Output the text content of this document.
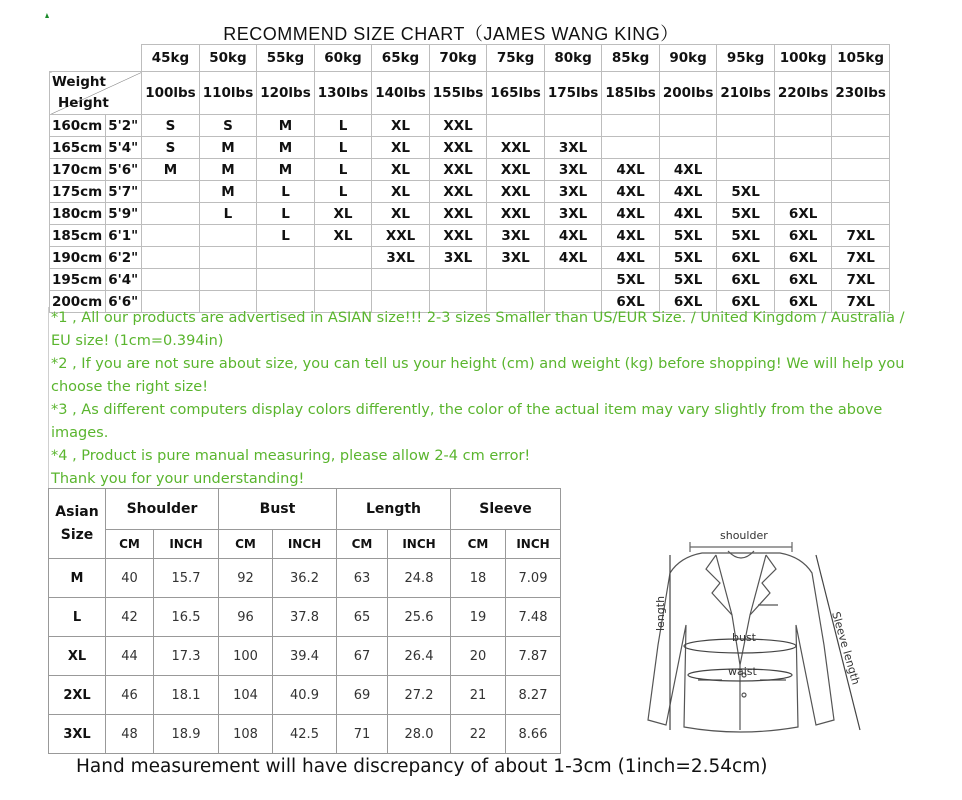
RECOMMEND SIZE CHART（JAMES WANG KING）
		45kg	50kg	55kg	60kg	65kg	70kg	75kg	80kg	85kg	90kg	95kg	100kg	105kg

Weight
Height		100lbs	110lbs	120lbs	130lbs	140lbs	155lbs	165lbs	175lbs	185lbs	200lbs	210lbs	220lbs	230lbs
160cm	5'2"	S	S	M	L	XL	XXL							
165cm	5'4"	S	M	M	L	XL	XXL	XXL	3XL					
170cm	5'6"	M	M	M	L	XL	XXL	XXL	3XL	4XL	4XL			
175cm	5'7"		M	L	L	XL	XXL	XXL	3XL	4XL	4XL	5XL		
180cm	5'9"		L	L	XL	XL	XXL	XXL	3XL	4XL	4XL	5XL	6XL	
185cm	6'1"			L	XL	XXL	XXL	3XL	4XL	4XL	5XL	5XL	6XL	7XL
190cm	6'2"					3XL	3XL	3XL	4XL	4XL	5XL	6XL	6XL	7XL
195cm	6'4"									5XL	5XL	6XL	6XL	7XL
200cm	6'6"									6XL	6XL	6XL	6XL	7XL

*1 , All our products are advertised in ASIAN size!!! 2-3 sizes Smaller than US/EUR Size. / United Kingdom / Australia / EU size! (1cm=0.394in)

*2 , If you are not sure about size, you can tell us your height (cm) and weight (kg) before shopping! We will help you choose the right size!

*3 , As different computers display colors differently, the color of the actual item may vary slightly from the above images.

*4 , Product is pure manual measuring, please allow 2-4 cm error!

Thank you for your understanding!

Asian
Size	Shoulder		Bust		Length		Sleeve	
	CM	INCH	CM	INCH	CM	INCH	CM	INCH
M	40	15.7	92	36.2	63	24.8	18	7.09
L	42	16.5	96	37.8	65	25.6	19	7.48
XL	44	17.3	100	39.4	67	26.4	20	7.87
2XL	46	18.1	104	40.9	69	27.2	21	8.27
3XL	48	18.9	108	42.5	71	28.0	22	8.66
shoulder
length
bust
waist	Sleeve length
Hand measurement will have discrepancy of about 1-3cm (1inch=2.54cm)
